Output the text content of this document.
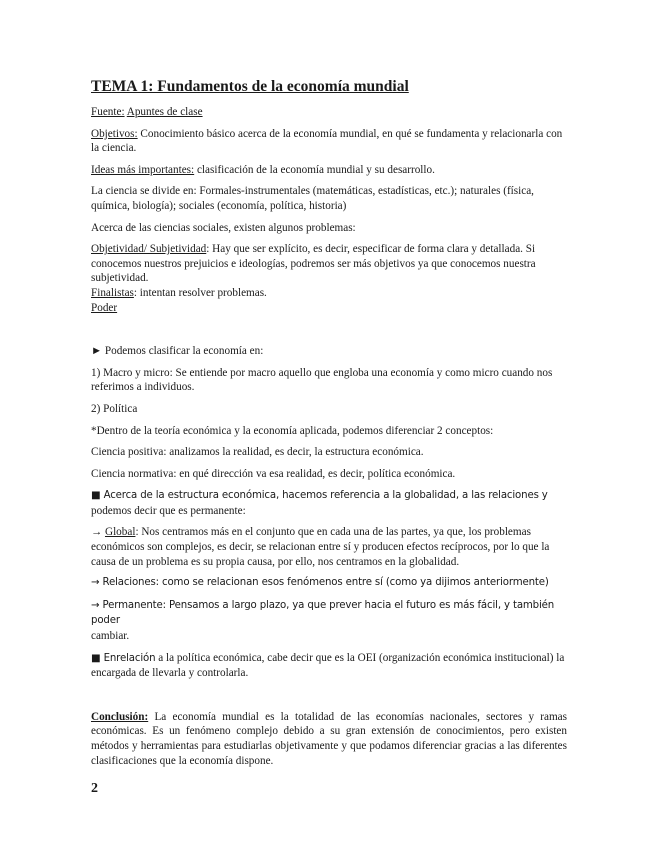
TEMA 1: Fundamentos de la economía mundial

Fuente: Apuntes de clase

Objetivos: Conocimiento básico acerca de la economía mundial, en qué se fundamenta y relacionarla con la ciencia.

Ideas más importantes: clasificación de la economía mundial y su desarrollo.

La ciencia se divide en: Formales-instrumentales (matemáticas, estadísticas, etc.); naturales (física, química, biología); sociales (economía, política, historia)

Acerca de las ciencias sociales, existen algunos problemas:

Objetividad/ Subjetividad: Hay que ser explícito, es decir, especificar de forma clara y detallada. Si conocemos nuestros prejuicios e ideologías, podremos ser más objetivos ya que conocemos nuestra subjetividad.

Finalistas: intentan resolver problemas.

Poder

► Podemos clasificar la economía en:

1) Macro y micro: Se entiende por macro aquello que engloba una economía y como micro cuando nos referimos a individuos.

2) Política

*Dentro de la teoría económica y la economía aplicada, podemos diferenciar 2 conceptos:

Ciencia positiva: analizamos la realidad, es decir, la estructura económica.

Ciencia normativa: en qué dirección va esa realidad, es decir, política económica.

■ Acerca de la estructura económica, hacemos referencia a la globalidad, a las relaciones y podemos decir que es permanente:

→ Global: Nos centramos más en el conjunto que en cada una de las partes, ya que, los problemas económicos son complejos, es decir, se relacionan entre sí y producen efectos recíprocos, por lo que la causa de un problema es su propia causa, por ello, nos centramos en la globalidad.

→ Relaciones: como se relacionan esos fenómenos entre sí (como ya dijimos anteriormente)

→ Permanente: Pensamos a largo plazo, ya que prever hacia el futuro es más fácil, y también poder
cambiar.

■ Enrelación a la política económica, cabe decir que es la OEI (organización económica institucional) la encargada de llevarla y controlarla.

Conclusión: La economía mundial es la totalidad de las economías nacionales, sectores y ramas económicas. Es un fenómeno complejo debido a su gran extensión de conocimientos, pero existen métodos y herramientas para estudiarlas objetivamente y que podamos diferenciar gracias a las diferentes clasificaciones que la economía dispone.

2
